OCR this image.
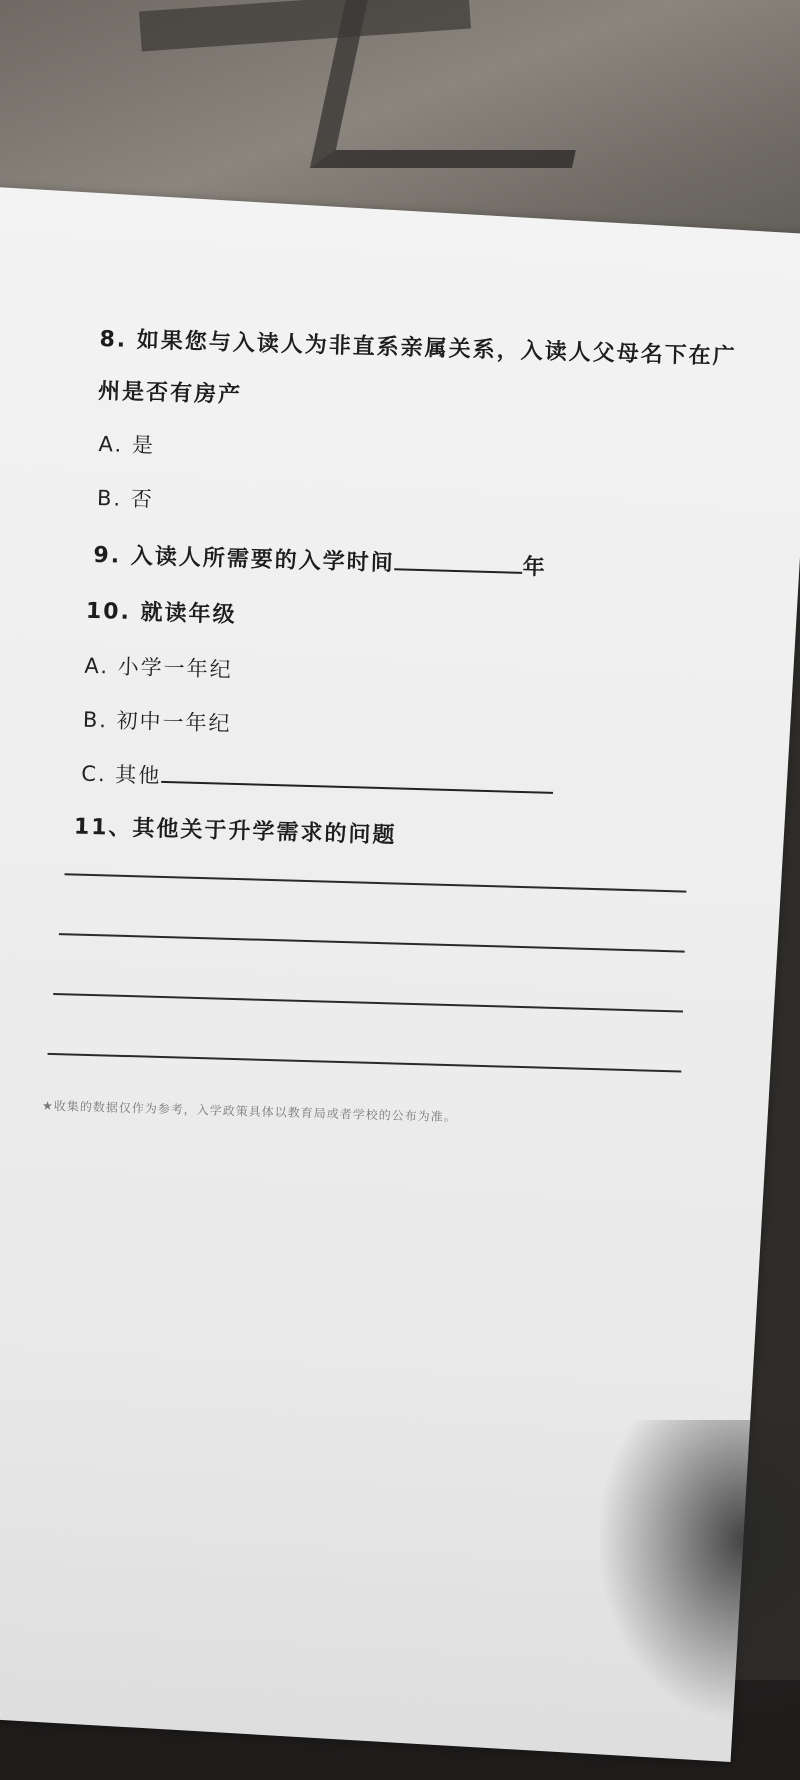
8. 如果您与入读人为非直系亲属关系，入读人父母名下在广
州是否有房产
A. 是
B. 否
9. 入读人所需要的入学时间	年
10. 就读年级
A. 小学一年纪
B. 初中一年纪
C. 其他
11、其他关于升学需求的问题
★收集的数据仅作为参考，入学政策具体以教育局或者学校的公布为准。
